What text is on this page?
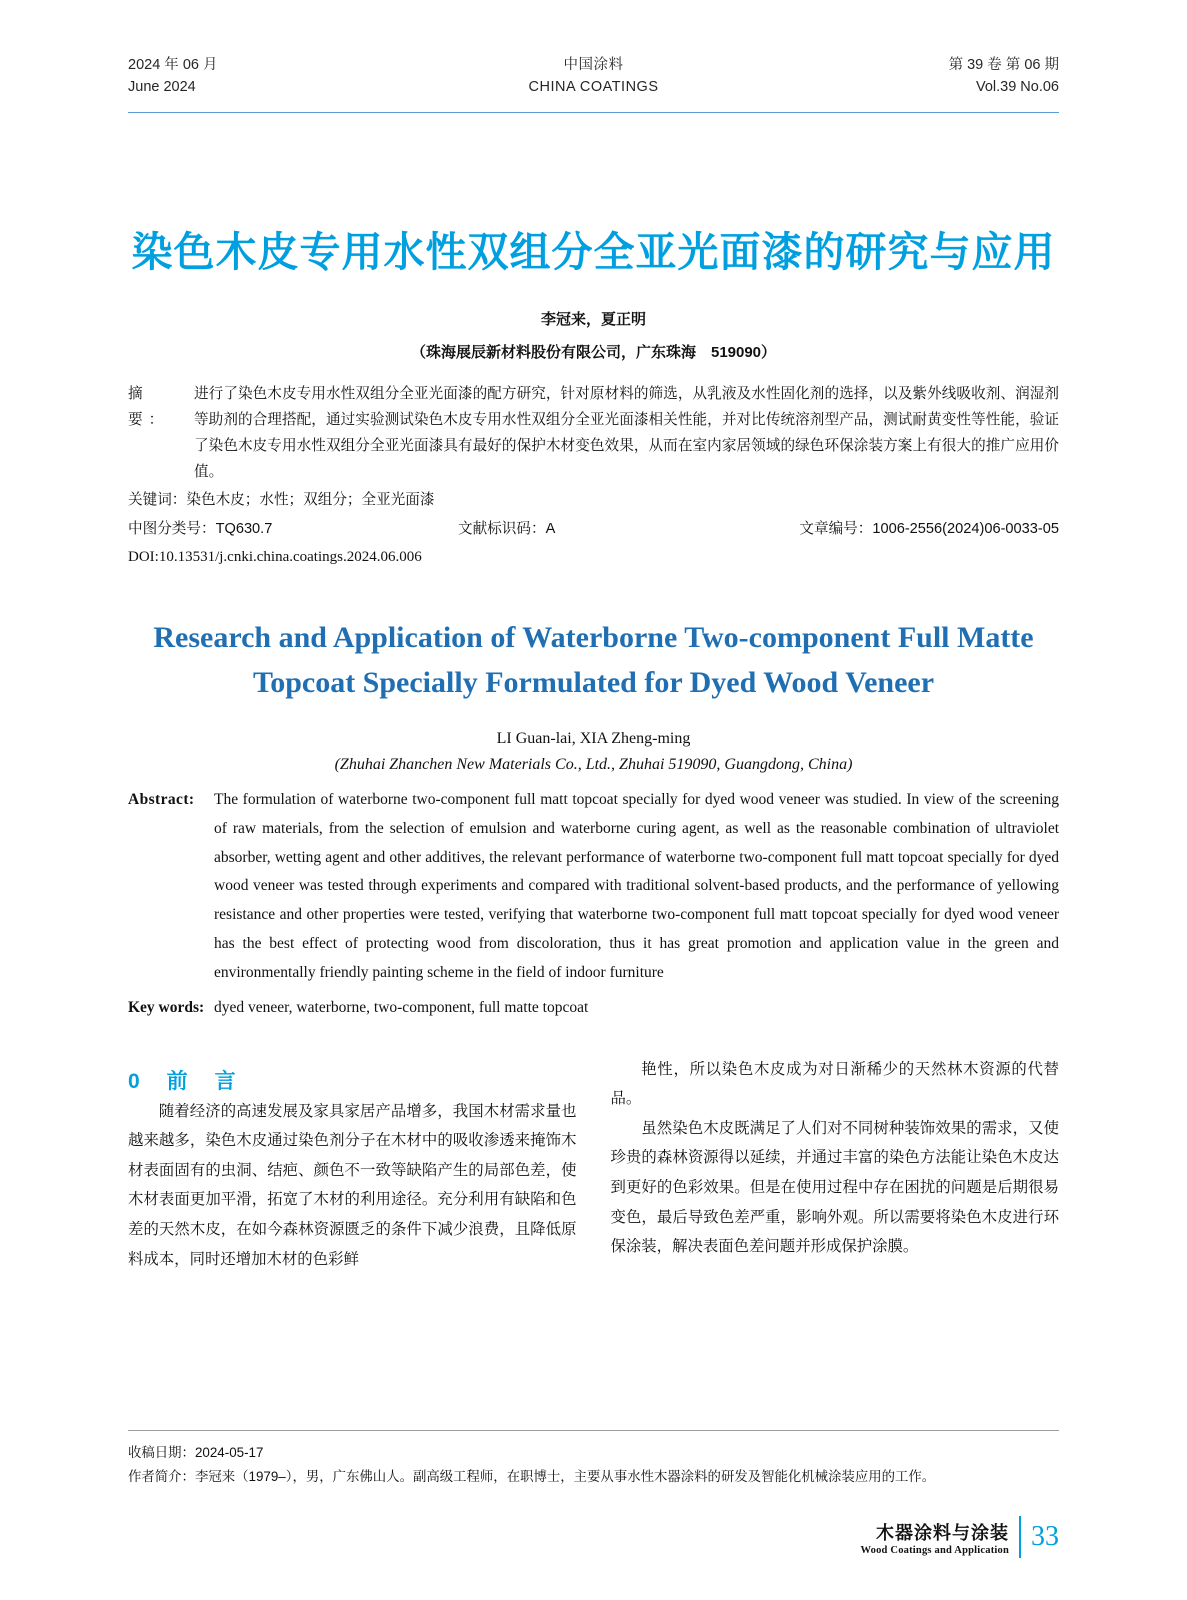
2024 年 06 月
June 2024
中国涂料
CHINA COATINGS
第 39 卷 第 06 期
Vol.39 No.06
染色木皮专用水性双组分全亚光面漆的研究与应用
李冠来，夏正明
（珠海展辰新材料股份有限公司，广东珠海　519090）
摘　要：
进行了染色木皮专用水性双组分全亚光面漆的配方研究，针对原材料的筛选，从乳液及水性固化剂的选择，以及紫外线吸收剂、润湿剂等助剂的合理搭配，通过实验测试染色木皮专用水性双组分全亚光面漆相关性能，并对比传统溶剂型产品，测试耐黄变性等性能，验证了染色木皮专用水性双组分全亚光面漆具有最好的保护木材变色效果，从而在室内家居领域的绿色环保涂装方案上有很大的推广应用价值。
关键词：染色木皮；水性；双组分；全亚光面漆
中图分类号：TQ630.7	文献标识码：A	文章编号：1006-2556(2024)06-0033-05
DOI:10.13531/j.cnki.china.coatings.2024.06.006
Research and Application of Waterborne Two-component Full Matte Topcoat Specially Formulated for Dyed Wood Veneer
LI Guan-lai, XIA Zheng-ming
(Zhuhai Zhanchen New Materials Co., Ltd., Zhuhai 519090, Guangdong, China)
Abstract:	The formulation of waterborne two-component full matt topcoat specially for dyed wood veneer was studied. In view of the screening of raw materials, from the selection of emulsion and waterborne curing agent, as well as the reasonable combination of ultraviolet absorber, wetting agent and other additives, the relevant performance of waterborne two-component full matt topcoat specially for dyed wood veneer was tested through experiments and compared with traditional solvent-based products, and the performance of yellowing resistance and other properties were tested, verifying that waterborne two-component full matt topcoat specially for dyed wood veneer has the best effect of protecting wood from discoloration, thus it has great promotion and application value in the green and environmentally friendly painting scheme in the field of indoor furniture
Key words: dyed veneer, waterborne, two-component, full matte topcoat
0　前　言

随着经济的高速发展及家具家居产品增多，我国木材需求量也越来越多，染色木皮通过染色剂分子在木材中的吸收渗透来掩饰木材表面固有的虫洞、结疤、颜色不一致等缺陷产生的局部色差，使木材表面更加平滑，拓宽了木材的利用途径。充分利用有缺陷和色差的天然木皮，在如今森林资源匮乏的条件下减少浪费，且降低原料成本，同时还增加木材的色彩鲜

艳性，所以染色木皮成为对日渐稀少的天然林木资源的代替品。

虽然染色木皮既满足了人们对不同树种装饰效果的需求，又使珍贵的森林资源得以延续，并通过丰富的染色方法能让染色木皮达到更好的色彩效果。但是在使用过程中存在困扰的问题是后期很易变色，最后导致色差严重，影响外观。所以需要将染色木皮进行环保涂装，解决表面色差问题并形成保护涂膜。

收稿日期：2024-05-17
作者简介：李冠来（1979–），男，广东佛山人。副高级工程师，在职博士，主要从事水性木器涂料的研发及智能化机械涂装应用的工作。
木器涂料与涂装
Wood Coatings and Application 33
